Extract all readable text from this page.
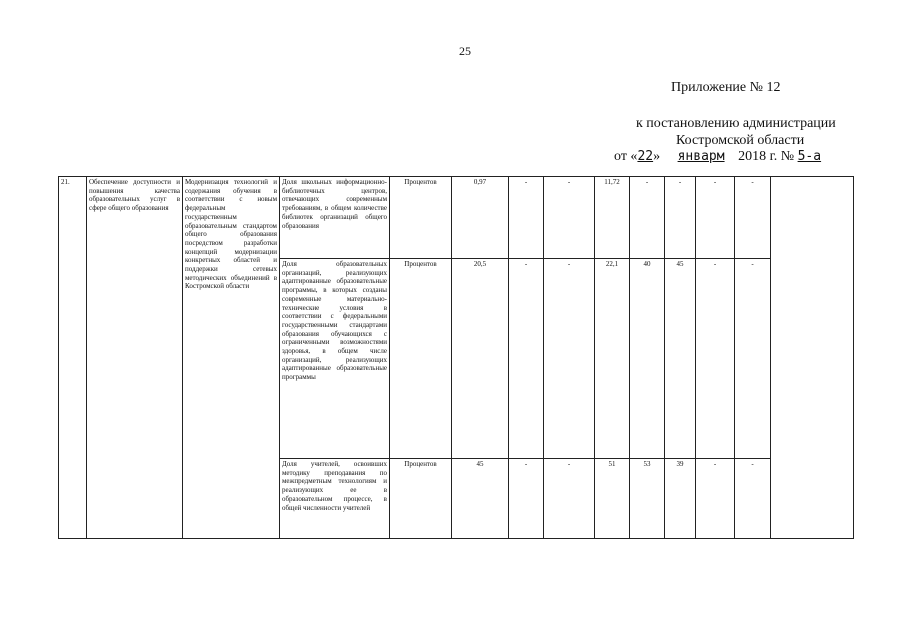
25
Приложение № 12
к постановлению администрации
Костромской области
от «22» январм 2018 г. № 5-а
21.	Обеспечение доступности и повышения качества образовательных услуг в сфере общего образования	Модернизация технологий и содержания обучения в соответствии с новым федеральным государственным образовательным стандартом общего образования посредством разработки концепций модернизации конкретных областей и поддержки сетевых методических объединений в Костромской области	Доля школьных информационно-библиотечных центров, отвечающих современным требованиям, в общем количестве библиотек организаций общего образования	Процентов	0,97	-	-	11,72	-	-	-	-	
			Доля образовательных организаций, реализующих адаптированные образовательные программы, в которых созданы современные материально-технические условия в соответствии с федеральными государственными стандартами образования обучающихся с ограниченными возможностями здоровья, в общем числе организаций, реализующих адаптированные образовательные программы	Процентов	20,5	-	-	22,1	40	45	-	-	
			Доля учителей, освоивших методику преподавания по межпредметным технологиям и реализующих ее в образовательном процессе, в общей численности учителей	Процентов	45	-	-	51	53	39	-	-	
